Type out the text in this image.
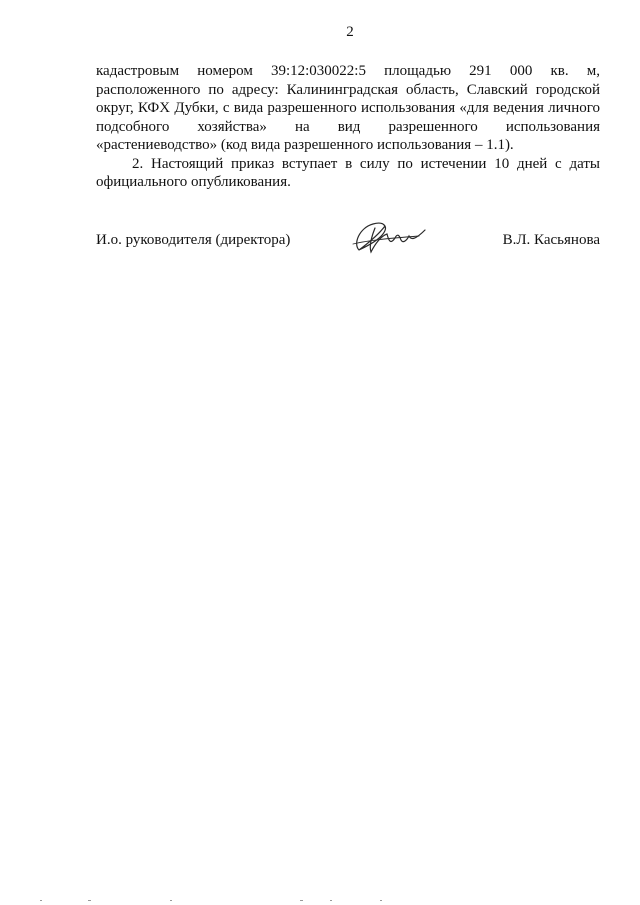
2

кадастровым номером 39:12:030022:5 площадью 291 000 кв. м, расположенного по адресу: Калининградская область, Славский городской округ, КФХ Дубки, с вида разрешенного использования «для ведения личного подсобного хозяйства» на вид разрешенного использования «растениеводство» (код вида разрешенного использования – 1.1).

2. Настоящий приказ вступает в силу по истечении 10 дней с даты официального опубликования.

И.о. руководителя (директора)	В.Л. Касьянова
